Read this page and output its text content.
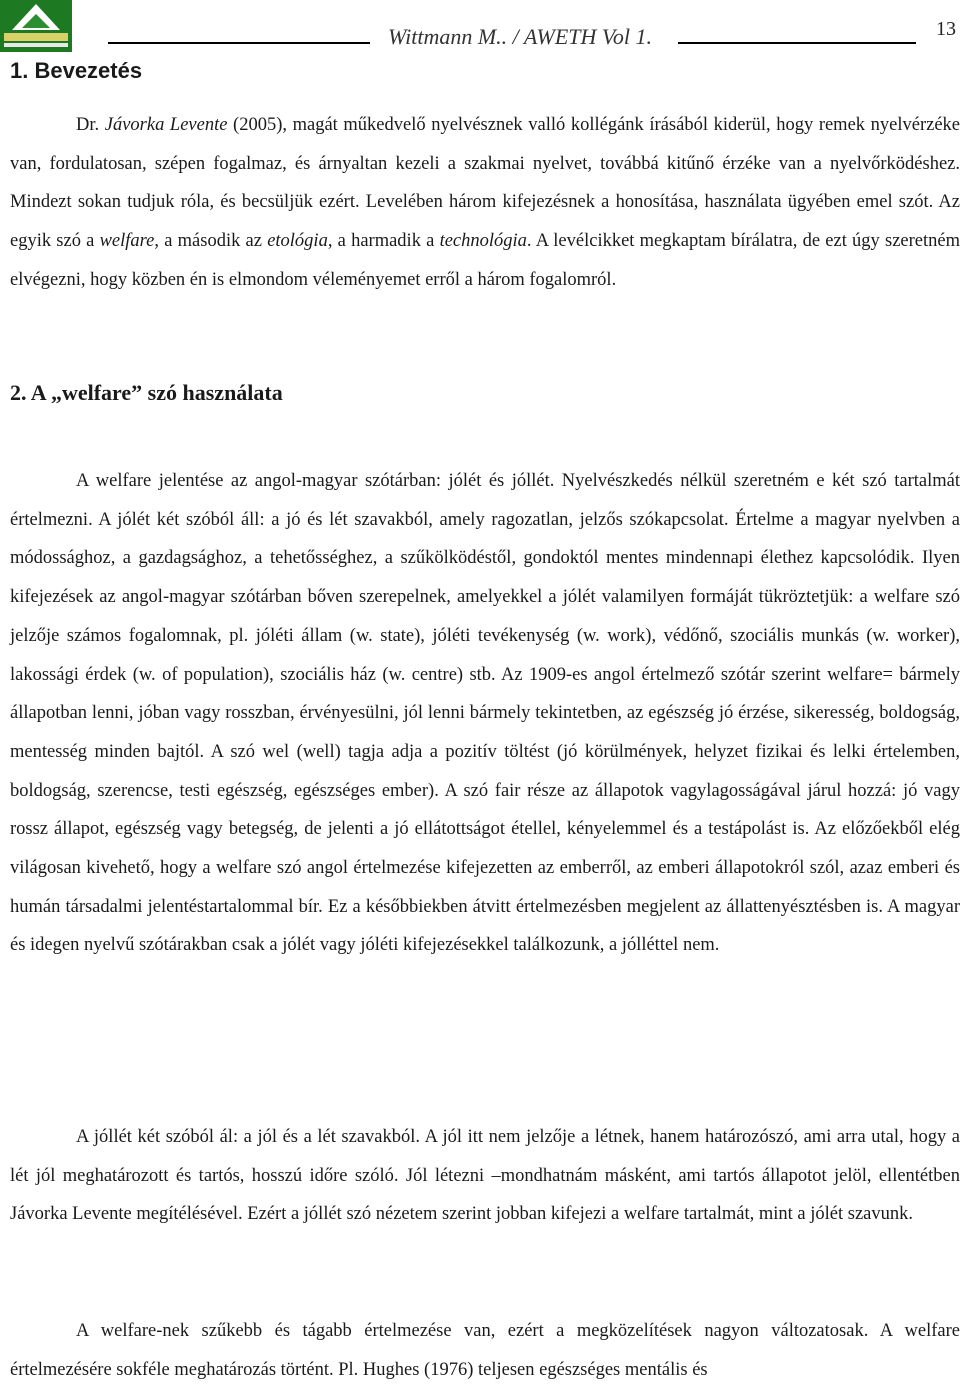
Wittmann M.. / AWETH Vol 1.	13
1. Bevezetés

Dr. Jávorka Levente (2005), magát műkedvelő nyelvésznek valló kollégánk írásából kiderül, hogy remek nyelvérzéke van, fordulatosan, szépen fogalmaz, és árnyaltan kezeli a szakmai nyelvet, továbbá kitűnő érzéke van a nyelvőrködéshez. Mindezt sokan tudjuk róla, és becsüljük ezért. Levelében három kifejezésnek a honosítása, használata ügyében emel szót. Az egyik szó a welfare, a második az etológia, a harmadik a technológia. A levélcikket megkaptam bírálatra, de ezt úgy szeretném elvégezni, hogy közben én is elmondom véleményemet erről a három fogalomról.

2. A „welfare” szó használata

A welfare jelentése az angol-magyar szótárban: jólét és jóllét. Nyelvészkedés nélkül szeretném e két szó tartalmát értelmezni. A jólét két szóból áll: a jó és lét szavakból, amely ragozatlan, jelzős szókapcsolat. Értelme a magyar nyelvben a módossághoz, a gazdagsághoz, a tehetősséghez, a szűkölködéstől, gondoktól mentes mindennapi élethez kapcsolódik. Ilyen kifejezések az angol-magyar szótárban bőven szerepelnek, amelyekkel a jólét valamilyen formáját tükröztetjük: a welfare szó jelzője számos fogalomnak, pl. jóléti állam (w. state), jóléti tevékenység (w. work), védőnő, szociális munkás (w. worker), lakossági érdek (w. of population), szociális ház (w. centre) stb. Az 1909-es angol értelmező szótár szerint welfare= bármely állapotban lenni, jóban vagy rosszban, érvényesülni, jól lenni bármely tekintetben, az egészség jó érzése, sikeresség, boldogság, mentesség minden bajtól. A szó wel (well) tagja adja a pozitív töltést (jó körülmények, helyzet fizikai és lelki értelemben, boldogság, szerencse, testi egészség, egészséges ember). A szó fair része az állapotok vagylagosságával járul hozzá: jó vagy rossz állapot, egészség vagy betegség, de jelenti a jó ellátottságot étellel, kényelemmel és a testápolást is. Az előzőekből elég világosan kivehető, hogy a welfare szó angol értelmezése kifejezetten az emberről, az emberi állapotokról szól, azaz emberi és humán társadalmi jelentéstartalommal bír. Ez a későbbiekben átvitt értelmezésben megjelent az állattenyésztésben is. A magyar és idegen nyelvű szótárakban csak a jólét vagy jóléti kifejezésekkel találkozunk, a jólléttel nem.

A jóllét két szóból ál: a jól és a lét szavakból. A jól itt nem jelzője a létnek, hanem határozószó, ami arra utal, hogy a lét jól meghatározott és tartós, hosszú időre szóló. Jól létezni –mondhatnám másként, ami tartós állapotot jelöl, ellentétben Jávorka Levente megítélésével. Ezért a jóllét szó nézetem szerint jobban kifejezi a welfare tartalmát, mint a jólét szavunk.

A welfare-nek szűkebb és tágabb értelmezése van, ezért a megközelítések nagyon változatosak. A welfare értelmezésére sokféle meghatározás történt. Pl. Hughes (1976) teljesen egészséges mentális és
